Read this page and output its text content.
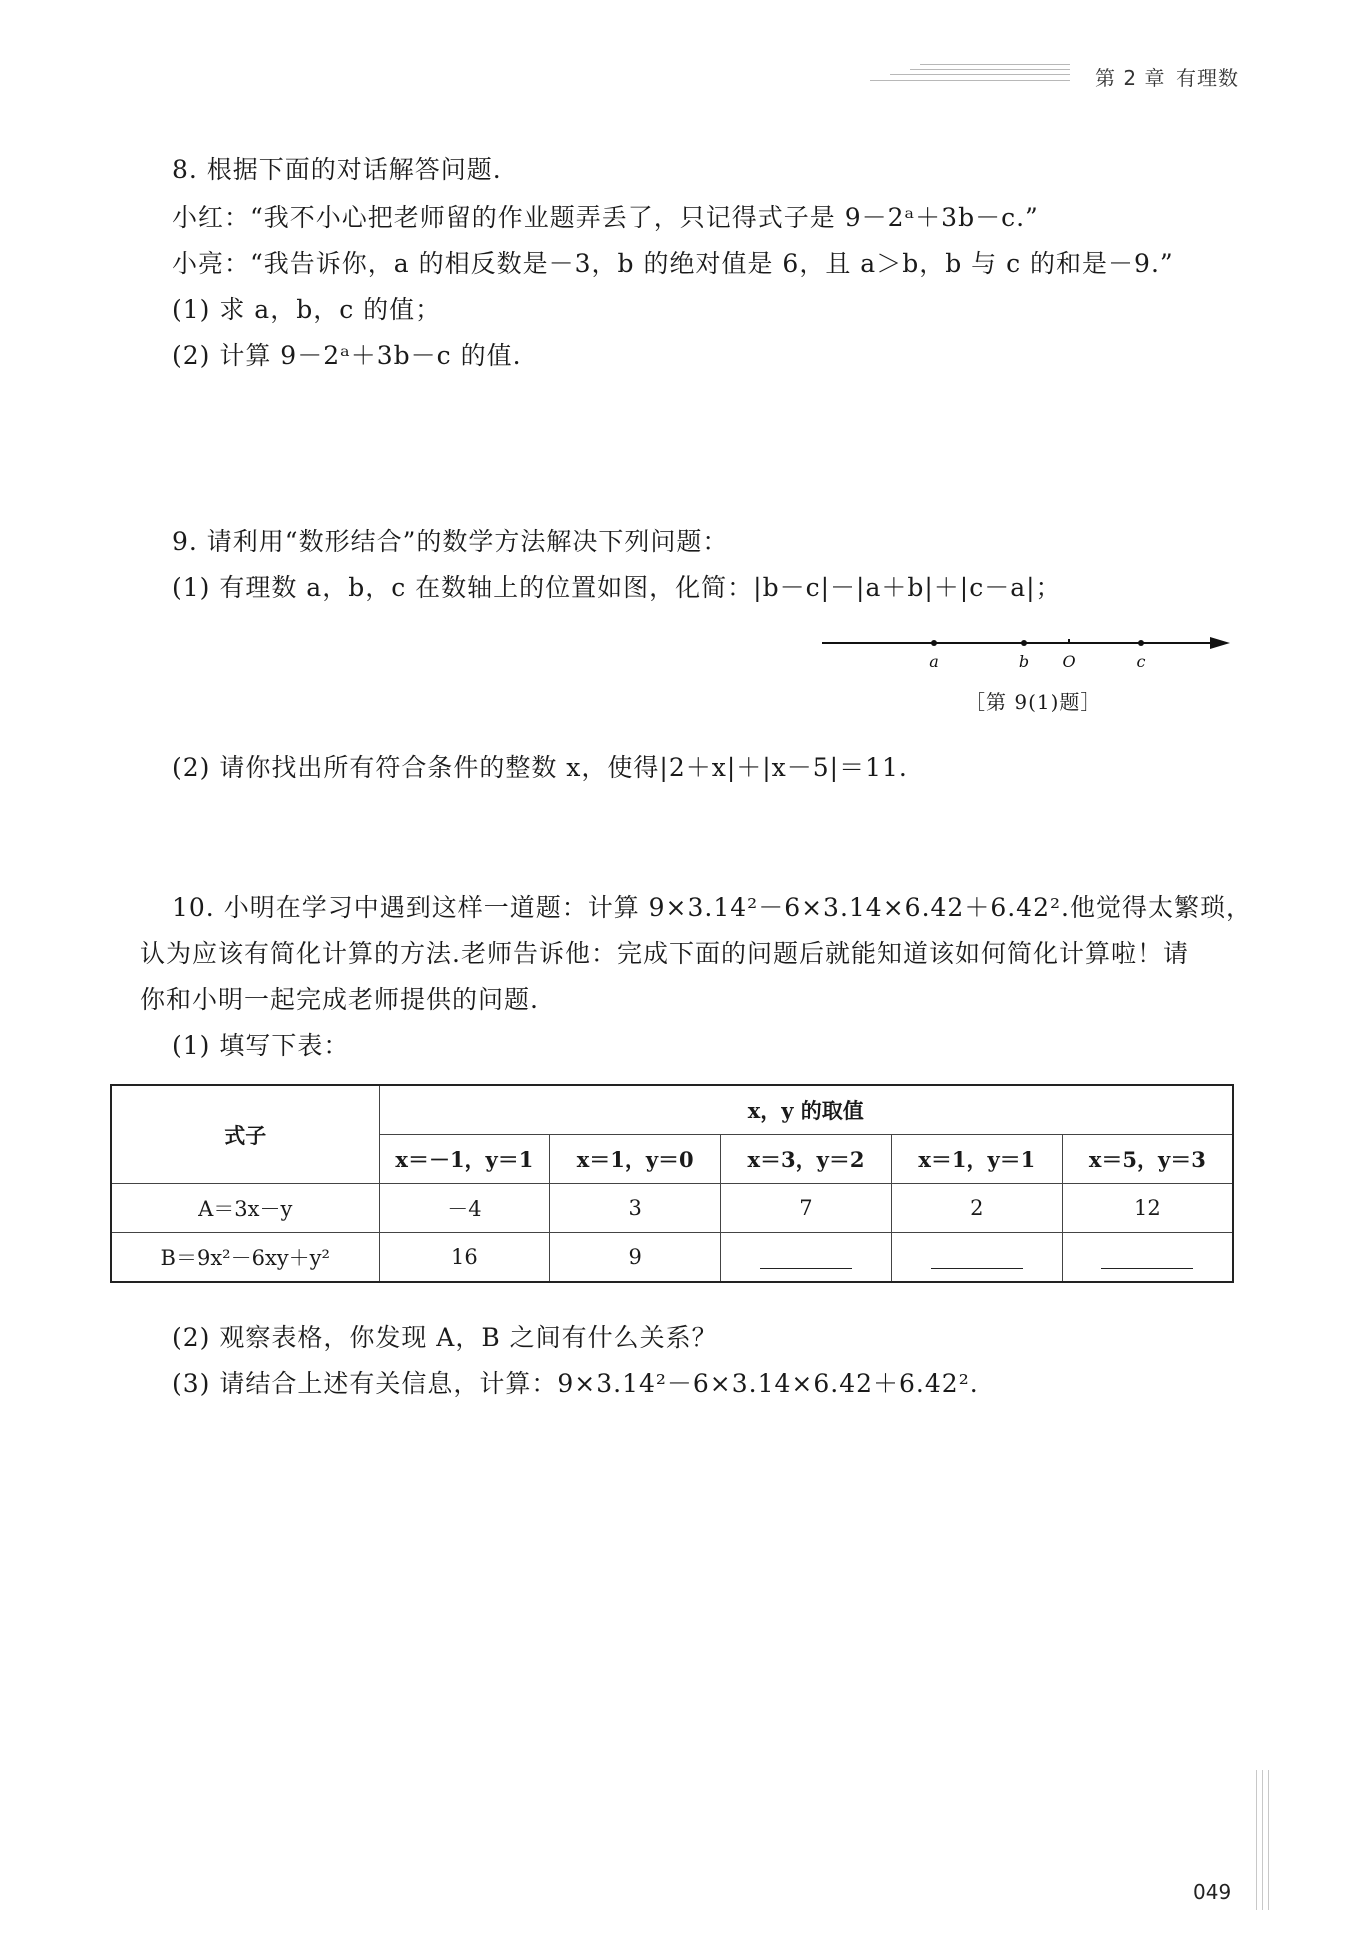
第 2 章 有理数
8. 根据下面的对话解答问题.
小红：“我不小心把老师留的作业题弄丢了，只记得式子是 9－2ᵃ＋3b－c.”
小亮：“我告诉你，a 的相反数是－3，b 的绝对值是 6，且 a＞b，b 与 c 的和是－9.”
(1) 求 a，b，c 的值；
(2) 计算 9－2ᵃ＋3b－c 的值.
9. 请利用“数形结合”的数学方法解决下列问题：
(1) 有理数 a，b，c 在数轴上的位置如图，化简：|b－c|－|a＋b|＋|c－a|；
a	b O	c
［第 9(1)题］
(2) 请你找出所有符合条件的整数 x，使得|2＋x|＋|x－5|＝11.
10. 小明在学习中遇到这样一道题：计算 9×3.14²－6×3.14×6.42＋6.42².他觉得太繁琐，
认为应该有简化计算的方法.老师告诉他：完成下面的问题后就能知道该如何简化计算啦！请
你和小明一起完成老师提供的问题.
(1) 填写下表：
式子	x，y 的取值				
	x＝－1，y＝1	x＝1，y＝0	x＝3，y＝2	x＝1，y＝1	x＝5，y＝3
A＝3x－y	－4	3	7	2	12
B＝9x²－6xy＋y²	16	9			
(2) 观察表格，你发现 A，B 之间有什么关系？
(3) 请结合上述有关信息，计算：9×3.14²－6×3.14×6.42＋6.42².
049
